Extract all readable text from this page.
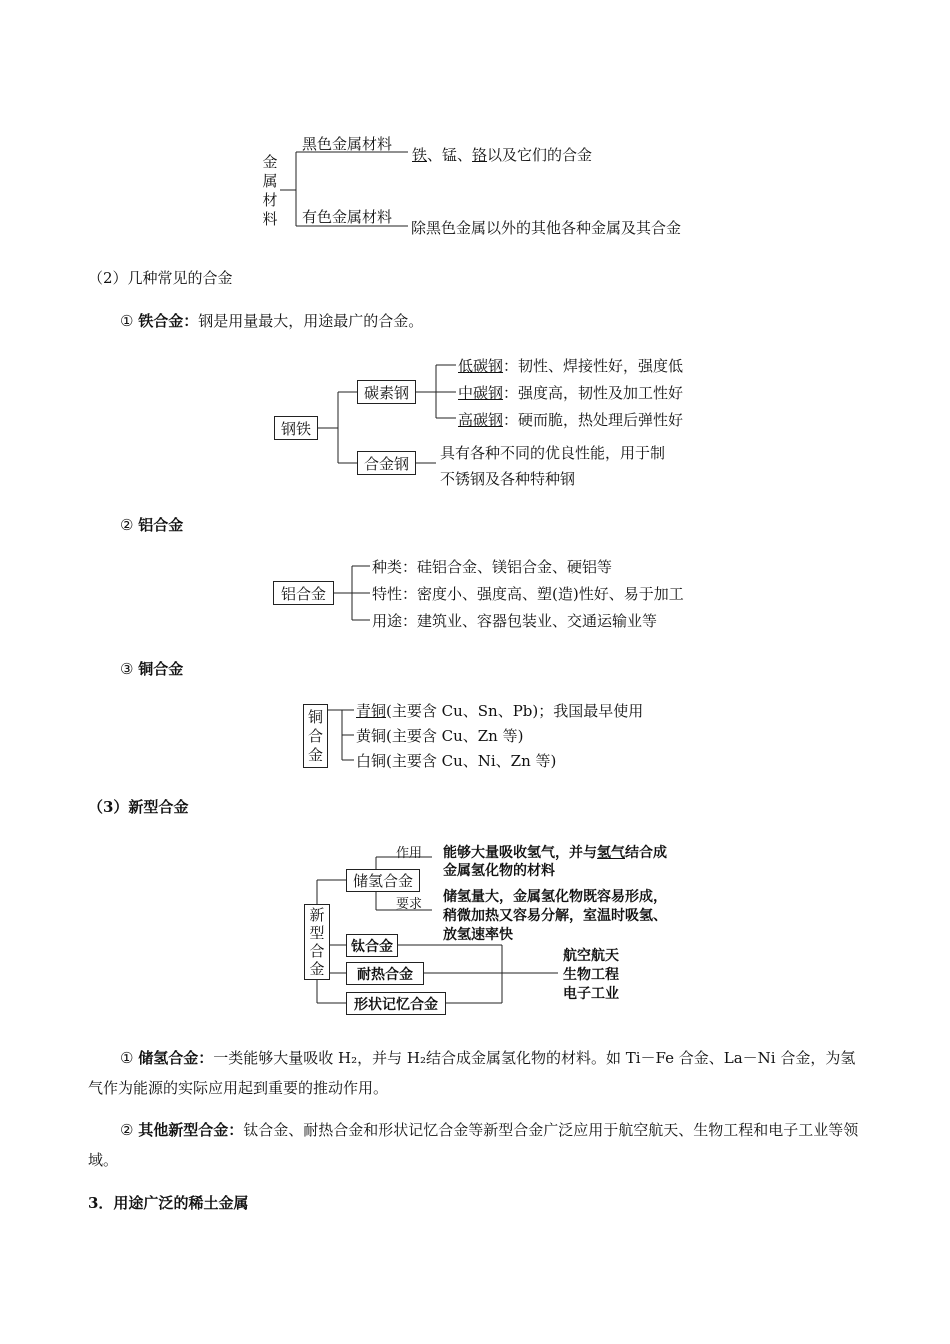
金
属
材
料
黑色金属材料
铁、锰、铬以及它们的合金
有色金属材料
除黑色金属以外的其他各种金属及其合金
（2）几种常见的合金
① 铁合金：钢是用量最大，用途最广的合金。
钢铁
碳素钢
低碳钢：韧性、焊接性好，强度低
中碳钢：强度高，韧性及加工性好
高碳钢：硬而脆，热处理后弹性好
合金钢
具有各种不同的优良性能，用于制
不锈钢及各种特种钢
② 铝合金
铝合金
种类：硅铝合金、镁铝合金、硬铝等
特性：密度小、强度高、塑(造)性好、易于加工
用途：建筑业、容器包装业、交通运输业等
③ 铜合金
铜
合
金
青铜(主要含 Cu、Sn、Pb)；我国最早使用
黄铜(主要含 Cu、Zn 等)
白铜(主要含 Cu、Ni、Zn 等)
（3）新型合金
新
型
合
金
储氢合金
作用 能够大量吸收氢气，并与氢气结合成
金属氢化物的材料
要求 储氢量大，金属氢化物既容易形成，
稍微加热又容易分解，室温时吸氢、
放氢速率快
钛合金
耐热合金
形状记忆合金
航空航天
生物工程
电子工业
① 储氢合金：一类能够大量吸收 H₂，并与 H₂结合成金属氢化物的材料。如 Ti－Fe 合金、La－Ni 合金，为氢气作为能源的实际应用起到重要的推动作用。
② 其他新型合金：钛合金、耐热合金和形状记忆合金等新型合金广泛应用于航空航天、生物工程和电子工业等领域。
3．用途广泛的稀土金属
